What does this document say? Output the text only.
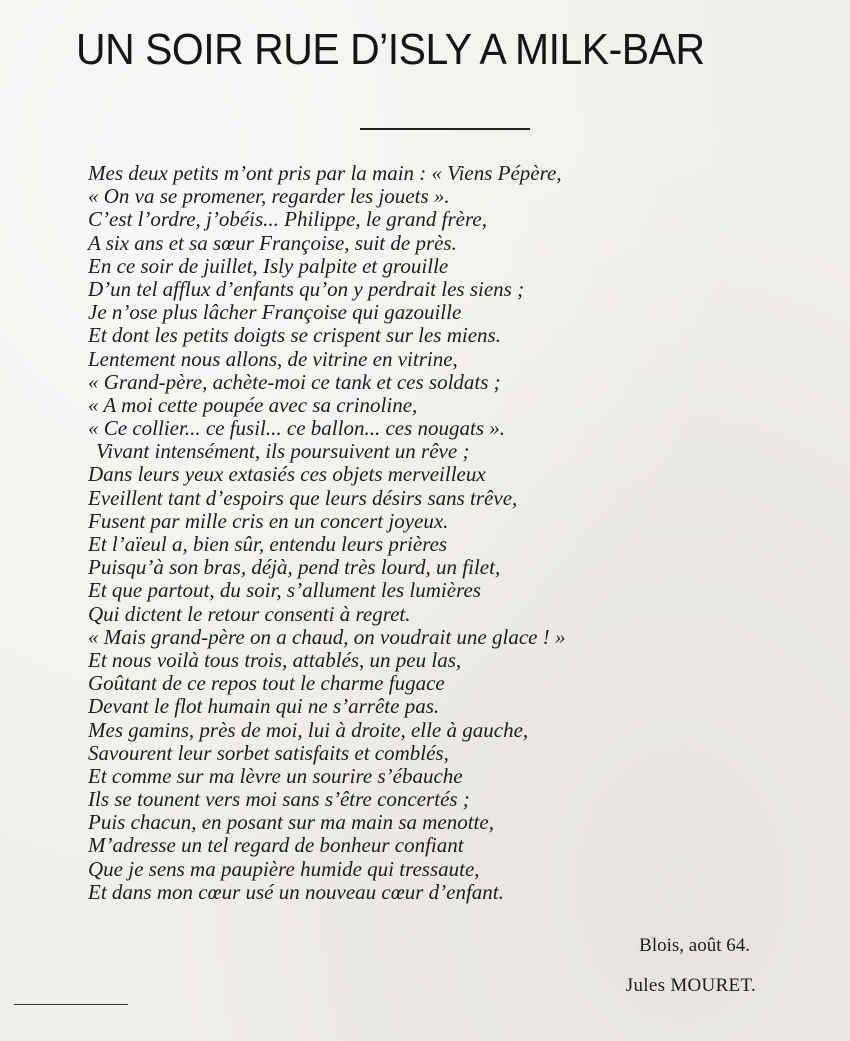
UN SOIR RUE D’ISLY A MILK-BAR
Mes deux petits m’ont pris par la main : « Viens Pépère,
« On va se promener, regarder les jouets ».
C’est l’ordre, j’obéis... Philippe, le grand frère,
A six ans et sa sœur Françoise, suit de près.
En ce soir de juillet, Isly palpite et grouille
D’un tel afflux d’enfants qu’on y perdrait les siens ;
Je n’ose plus lâcher Françoise qui gazouille
Et dont les petits doigts se crispent sur les miens.
Lentement nous allons, de vitrine en vitrine,
« Grand-père, achète-moi ce tank et ces soldats ;
« A moi cette poupée avec sa crinoline,
« Ce collier... ce fusil... ce ballon... ces nougats ».
Vivant intensément, ils poursuivent un rêve ;
Dans leurs yeux extasiés ces objets merveilleux
Eveillent tant d’espoirs que leurs désirs sans trêve,
Fusent par mille cris en un concert joyeux.
Et l’aïeul a, bien sûr, entendu leurs prières
Puisqu’à son bras, déjà, pend très lourd, un filet,
Et que partout, du soir, s’allument les lumières
Qui dictent le retour consenti à regret.
« Mais grand-père on a chaud, on voudrait une glace ! »
Et nous voilà tous trois, attablés, un peu las,
Goûtant de ce repos tout le charme fugace
Devant le flot humain qui ne s’arrête pas.
Mes gamins, près de moi, lui à droite, elle à gauche,
Savourent leur sorbet satisfaits et comblés,
Et comme sur ma lèvre un sourire s’ébauche
Ils se tounent vers moi sans s’être concertés ;
Puis chacun, en posant sur ma main sa menotte,
M’adresse un tel regard de bonheur confiant
Que je sens ma paupière humide qui tressaute,
Et dans mon cœur usé un nouveau cœur d’enfant.
Blois, août 64.
Jules MOURET.
